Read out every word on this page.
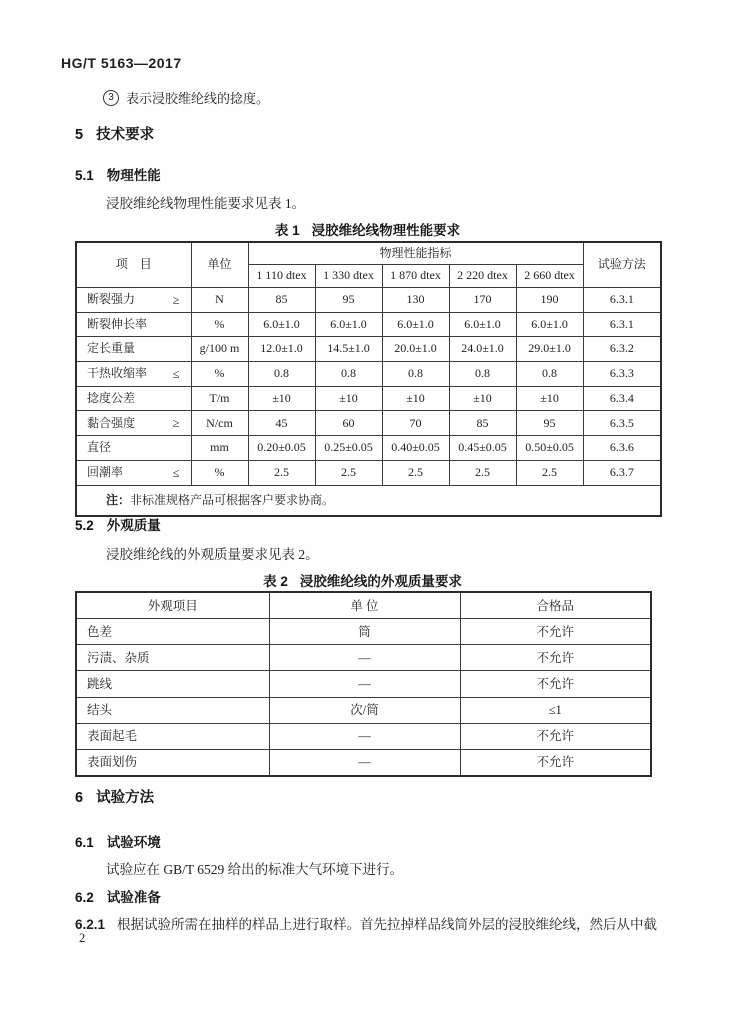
HG/T 5163—2017
3 表示浸胶维纶线的捻度。
5 技术要求
5.1 物理性能
浸胶维纶线物理性能要求见表 1。
表 1 浸胶维纶线物理性能要求
项    目	单位	物理性能指标					试验方法
		1 110 dtex	1 330 dtex	1 870 dtex	2 220 dtex	2 660 dtex	

断裂强力 ≥	N	85	95	130	170	190	6.3.1

断裂伸长率	%	6.0±1.0	6.0±1.0	6.0±1.0	6.0±1.0	6.0±1.0	6.3.1

定长重量	g/100 m	12.0±1.0	14.5±1.0	20.0±1.0	24.0±1.0	29.0±1.0	6.3.2

干热收缩率 ≤	%	0.8	0.8	0.8	0.8	0.8	6.3.3

捻度公差	T/m	±10	±10	±10	±10	±10	6.3.4

黏合强度 ≥	N/cm	45	60	70	85	95	6.3.5

直径	mm	0.20±0.05	0.25±0.05	0.40±0.05	0.45±0.05	0.50±0.05	6.3.6

回潮率 ≤	%	2.5	2.5	2.5	2.5	2.5	6.3.7
注：非标准规格产品可根据客户要求协商。							
5.2 外观质量
浸胶维纶线的外观质量要求见表 2。
表 2 浸胶维纶线的外观质量要求
外观项目	单 位	合格品
色差	筒	不允许
污渍、杂质	—	不允许
跳线	—	不允许
结头	次/筒	≤1
表面起毛	—	不允许
表面划伤	—	不允许
6 试验方法
6.1 试验环境
试验应在 GB/T 6529 给出的标准大气环境下进行。
6.2 试验准备
6.2.1 根据试验所需在抽样的样品上进行取样。首先拉掉样品线筒外层的浸胶维纶线，然后从中截
2
